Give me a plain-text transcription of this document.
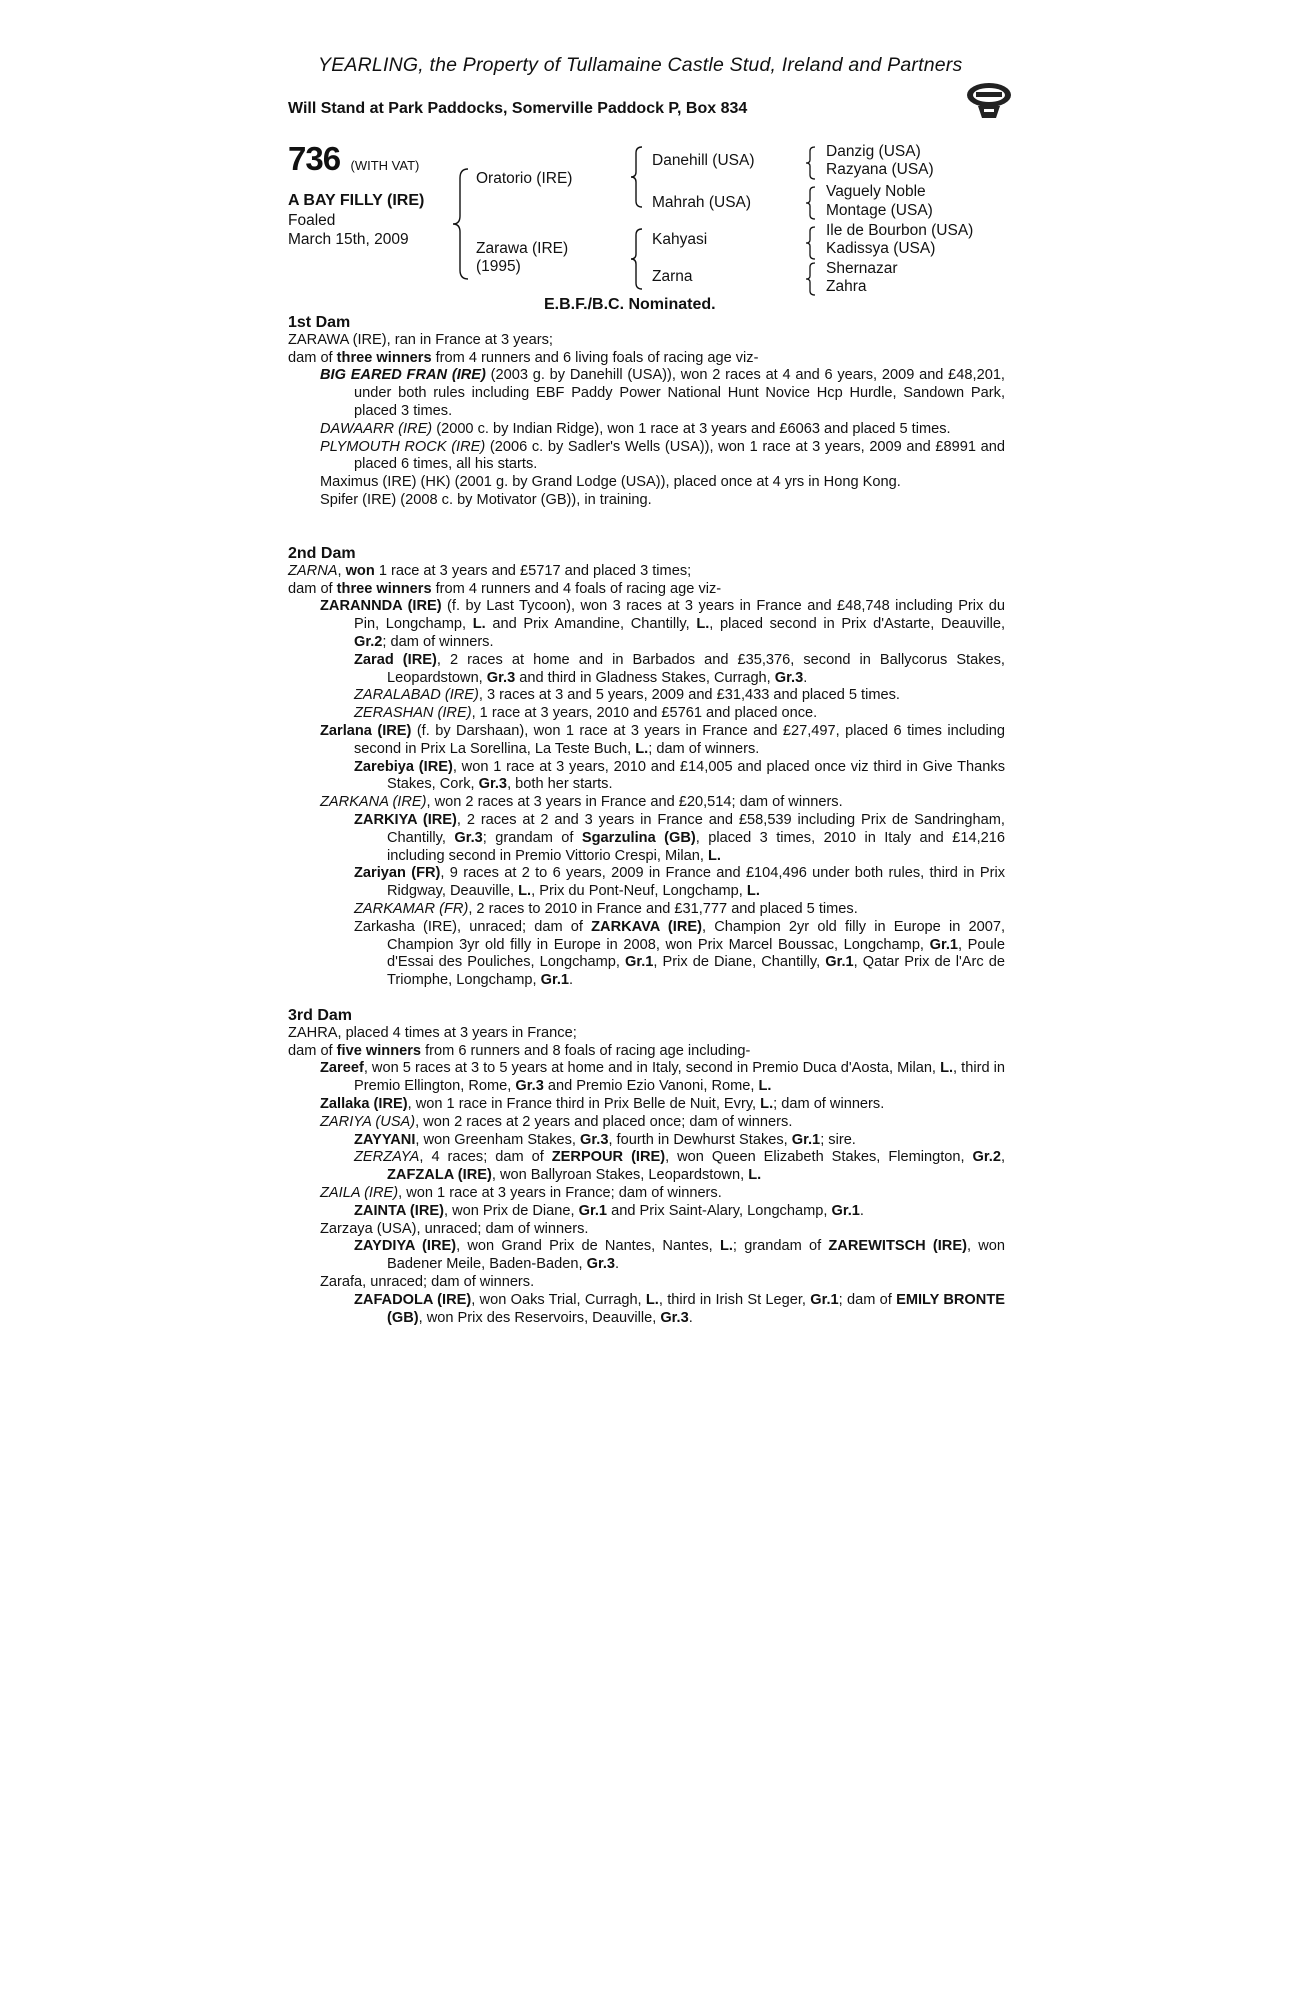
YEARLING, the Property of Tullamaine Castle Stud, Ireland and Partners
Will Stand at Park Paddocks, Somerville Paddock P, Box 834
736 (WITH VAT)
A BAY FILLY (IRE)
Foaled
March 15th, 2009
Oratorio (IRE)
Zarawa (IRE)
(1995)
Danehill (USA)
Mahrah (USA)
Kahyasi
Zarna
Danzig (USA)
Razyana (USA)
Vaguely Noble
Montage (USA)
Ile de Bourbon (USA)
Kadissya (USA)
Shernazar
Zahra
E.B.F./B.C. Nominated.

1st Dam

ZARAWA (IRE), ran in France at 3 years;

dam of three winners from 4 runners and 6 living foals of racing age viz-

BIG EARED FRAN (IRE) (2003 g. by Danehill (USA)), won 2 races at 4 and 6 years, 2009 and £48,201, under both rules including EBF Paddy Power National Hunt Novice Hcp Hurdle, Sandown Park, placed 3 times.

DAWAARR (IRE) (2000 c. by Indian Ridge), won 1 race at 3 years and £6063 and placed 5 times.

PLYMOUTH ROCK (IRE) (2006 c. by Sadler's Wells (USA)), won 1 race at 3 years, 2009 and £8991 and placed 6 times, all his starts.

Maximus (IRE) (HK) (2001 g. by Grand Lodge (USA)), placed once at 4 yrs in Hong Kong.

Spifer (IRE) (2008 c. by Motivator (GB)), in training.

2nd Dam

ZARNA, won 1 race at 3 years and £5717 and placed 3 times;

dam of three winners from 4 runners and 4 foals of racing age viz-

ZARANNDA (IRE) (f. by Last Tycoon), won 3 races at 3 years in France and £48,748 including Prix du Pin, Longchamp, L. and Prix Amandine, Chantilly, L., placed second in Prix d'Astarte, Deauville, Gr.2; dam of winners.

Zarad (IRE), 2 races at home and in Barbados and £35,376, second in Ballycorus Stakes, Leopardstown, Gr.3 and third in Gladness Stakes, Curragh, Gr.3.

ZARALABAD (IRE), 3 races at 3 and 5 years, 2009 and £31,433 and placed 5 times.

ZERASHAN (IRE), 1 race at 3 years, 2010 and £5761 and placed once.

Zarlana (IRE) (f. by Darshaan), won 1 race at 3 years in France and £27,497, placed 6 times including second in Prix La Sorellina, La Teste Buch, L.; dam of winners.

Zarebiya (IRE), won 1 race at 3 years, 2010 and £14,005 and placed once viz third in Give Thanks Stakes, Cork, Gr.3, both her starts.

ZARKANA (IRE), won 2 races at 3 years in France and £20,514; dam of winners.

ZARKIYA (IRE), 2 races at 2 and 3 years in France and £58,539 including Prix de Sandringham, Chantilly, Gr.3; grandam of Sgarzulina (GB), placed 3 times, 2010 in Italy and £14,216 including second in Premio Vittorio Crespi, Milan, L.

Zariyan (FR), 9 races at 2 to 6 years, 2009 in France and £104,496 under both rules, third in Prix Ridgway, Deauville, L., Prix du Pont-Neuf, Longchamp, L.

ZARKAMAR (FR), 2 races to 2010 in France and £31,777 and placed 5 times.

Zarkasha (IRE), unraced; dam of ZARKAVA (IRE), Champion 2yr old filly in Europe in 2007, Champion 3yr old filly in Europe in 2008, won Prix Marcel Boussac, Longchamp, Gr.1, Poule d'Essai des Pouliches, Longchamp, Gr.1, Prix de Diane, Chantilly, Gr.1, Qatar Prix de l'Arc de Triomphe, Longchamp, Gr.1.

3rd Dam

ZAHRA, placed 4 times at 3 years in France;

dam of five winners from 6 runners and 8 foals of racing age including-

Zareef, won 5 races at 3 to 5 years at home and in Italy, second in Premio Duca d'Aosta, Milan, L., third in Premio Ellington, Rome, Gr.3 and Premio Ezio Vanoni, Rome, L.

Zallaka (IRE), won 1 race in France third in Prix Belle de Nuit, Evry, L.; dam of winners.

ZARIYA (USA), won 2 races at 2 years and placed once; dam of winners.

ZAYYANI, won Greenham Stakes, Gr.3, fourth in Dewhurst Stakes, Gr.1; sire.

ZERZAYA, 4 races; dam of ZERPOUR (IRE), won Queen Elizabeth Stakes, Flemington, Gr.2, ZAFZALA (IRE), won Ballyroan Stakes, Leopardstown, L.

ZAILA (IRE), won 1 race at 3 years in France; dam of winners.

ZAINTA (IRE), won Prix de Diane, Gr.1 and Prix Saint-Alary, Longchamp, Gr.1.

Zarzaya (USA), unraced; dam of winners.

ZAYDIYA (IRE), won Grand Prix de Nantes, Nantes, L.; grandam of ZAREWITSCH (IRE), won Badener Meile, Baden-Baden, Gr.3.

Zarafa, unraced; dam of winners.

ZAFADOLA (IRE), won Oaks Trial, Curragh, L., third in Irish St Leger, Gr.1; dam of EMILY BRONTE (GB), won Prix des Reservoirs, Deauville, Gr.3.
